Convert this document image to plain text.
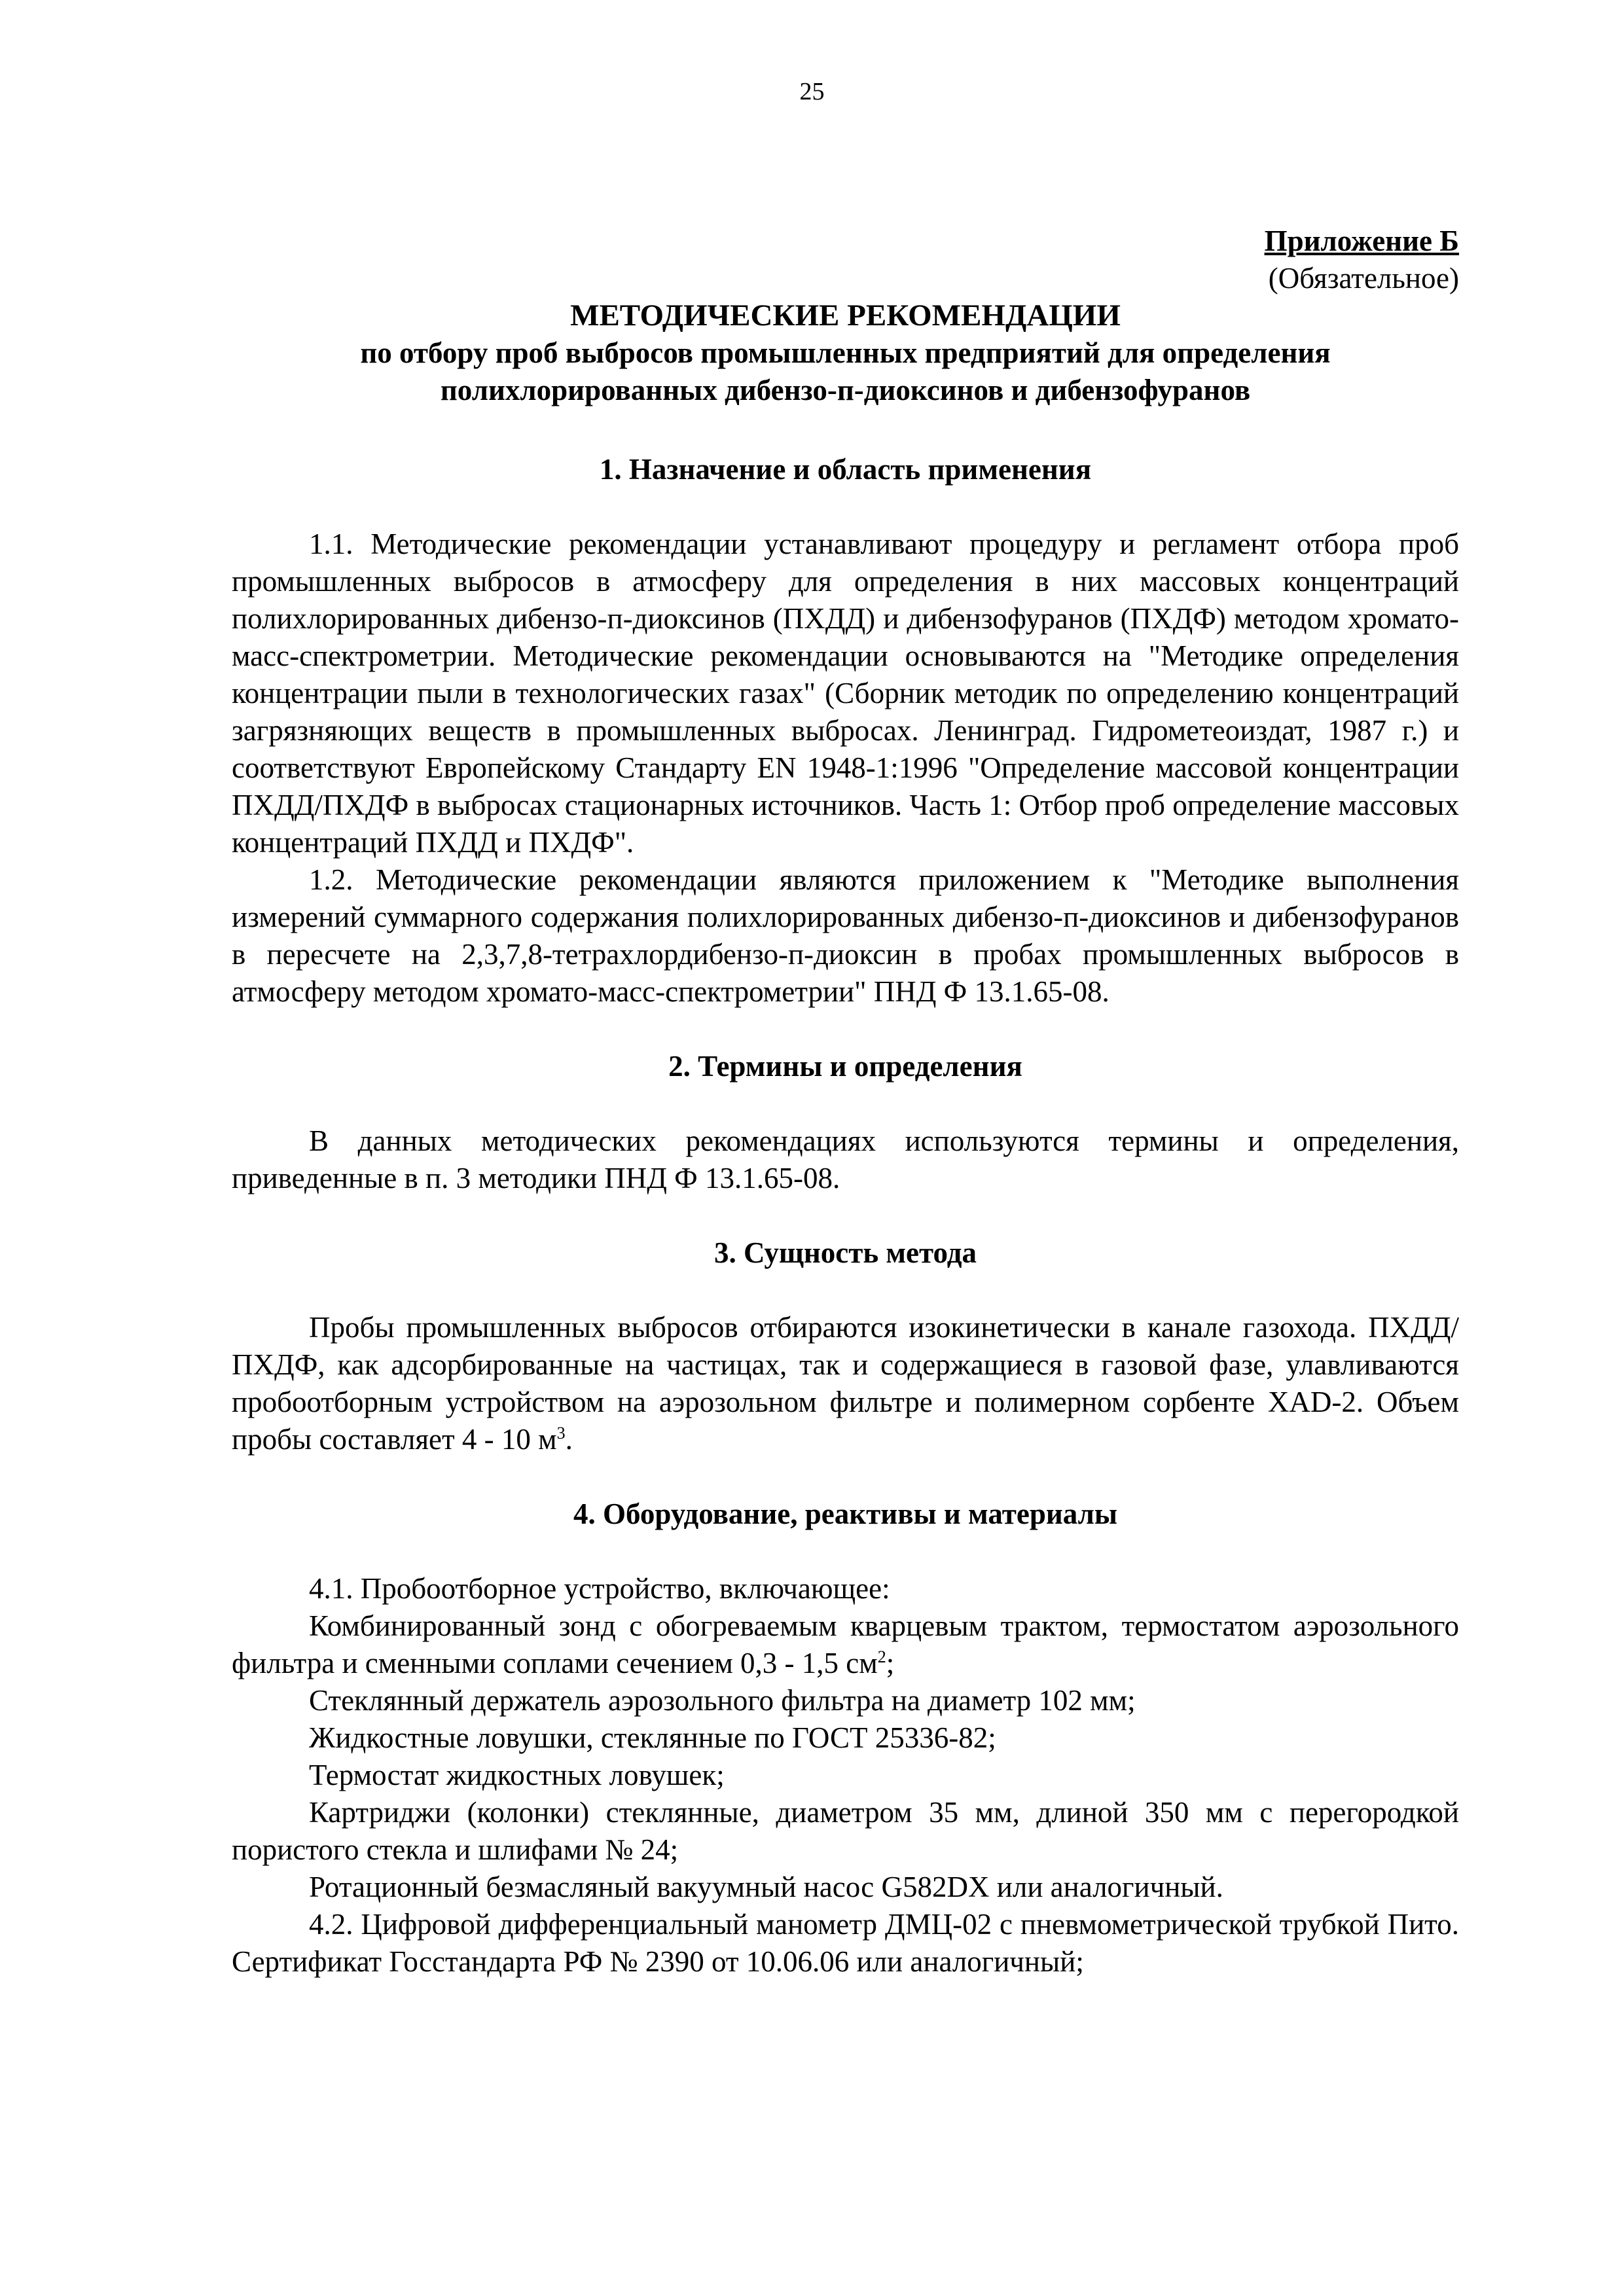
25

Приложение Б

(Обязательное)

МЕТОДИЧЕСКИЕ РЕКОМЕНДАЦИИ

по отбору проб выбросов промышленных предприятий для определения

полихлорированных дибензо-п-диоксинов и дибензофуранов

1. Назначение и область применения

1.1. Методические рекомендации устанавливают процедуру и регламент отбора проб промышленных выбросов в атмосферу для определения в них массовых концентраций полихлорированных дибензо-п-диоксинов (ПХДД) и дибензофуранов (ПХДФ) методом хромато-масс-спектрометрии. Методические рекомендации основываются на "Методике определения концентрации пыли в технологических газах" (Сборник методик по определению концентраций загрязняющих веществ в промышленных выбросах. Ленинград. Гидрометеоиздат, 1987 г.) и соответствуют Европейскому Стандарту EN 1948-1:1996 "Определение массовой концентрации ПХДД/ПХДФ в выбросах стационарных источников. Часть 1: Отбор проб определение массовых концентраций ПХДД и ПХДФ".

1.2. Методические рекомендации являются приложением к "Методике выполнения измерений суммарного содержания полихлорированных дибензо-п-диоксинов и дибензофуранов в пересчете на 2,3,7,8-тетрахлордибензо-п-диоксин в пробах промышленных выбросов в атмосферу методом хромато-масс-спектрометрии" ПНД Ф 13.1.65-08.

2. Термины и определения

В данных методических рекомендациях используются термины и определения, приведенные в п. 3 методики ПНД Ф 13.1.65-08.

3. Сущность метода

Пробы промышленных выбросов отбираются изокинетически в канале газохода. ПХДД/ПХДФ, как адсорбированные на частицах, так и содержащиеся в газовой фазе, улавливаются пробоотборным устройством на аэрозольном фильтре и полимерном сорбенте XAD-2. Объем пробы составляет 4 - 10 $м^3$.

4. Оборудование, реактивы и материалы

4.1. Пробоотборное устройство, включающее:

Комбинированный зонд с обогреваемым кварцевым трактом, термостатом аэрозольного фильтра и сменными соплами сечением 0,3 - 1,5 $см^2$;

Стеклянный держатель аэрозольного фильтра на диаметр 102 мм;

Жидкостные ловушки, стеклянные по ГОСТ 25336-82;

Термостат жидкостных ловушек;

Картриджи (колонки) стеклянные, диаметром 35 мм, длиной 350 мм с перегородкой пористого стекла и шлифами № 24;

Ротационный безмасляный вакуумный насос G582DX или аналогичный.

4.2. Цифровой дифференциальный манометр ДМЦ-02 с пневмометрической трубкой Пито. Сертификат Госстандарта РФ № 2390 от 10.06.06 или аналогичный;
